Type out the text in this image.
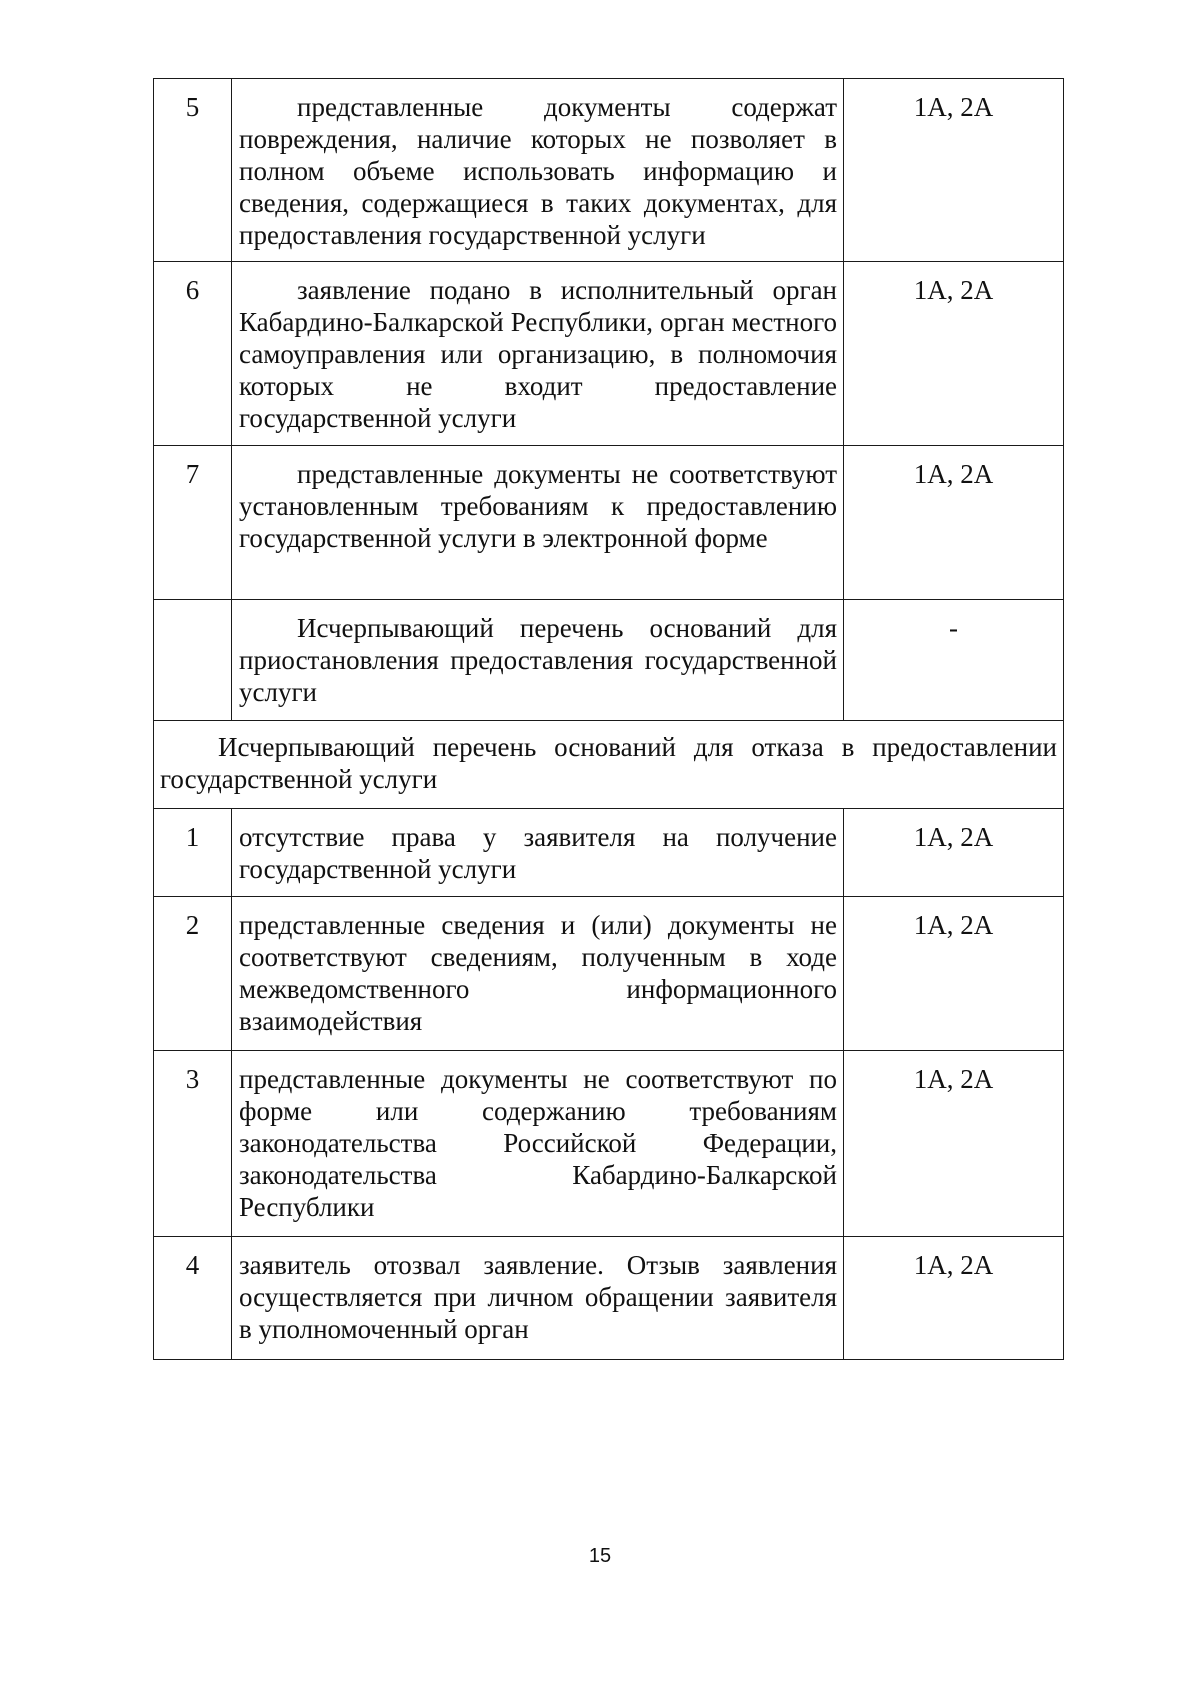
5	представленные документы содержат повреждения, наличие которых не позволяет в полном объеме использовать информацию и сведения, содержащиеся в таких документах, для предоставления государственной услуги	1А, 2А
6	заявление подано в исполнительный орган Кабардино-Балкарской Республики, орган местного самоуправления или организацию, в полномочия которых не входит предоставление государственной услуги	1А, 2А
7	представленные документы не соответствуют установленным требованиям к предоставлению государственной услуги в электронной форме	1А, 2А

	Исчерпывающий перечень оснований для приостановления предоставления государственной услуги	-

Исчерпывающий перечень оснований для отказа в предоставлении государственной услуги		

1	отсутствие права у заявителя на получение государственной услуги	1А, 2А
2	представленные сведения и (или) документы не соответствуют сведениям, полученным в ходе межведомственного информационного взаимодействия	1А, 2А
3	представленные документы не соответствуют по форме или содержанию требованиям законодательства Российской Федерации, законодательства Кабардино-Балкарской Республики	1А, 2А
4	заявитель отозвал заявление. Отзыв заявления осуществляется при личном обращении заявителя в уполномоченный орган	1А, 2А
15
